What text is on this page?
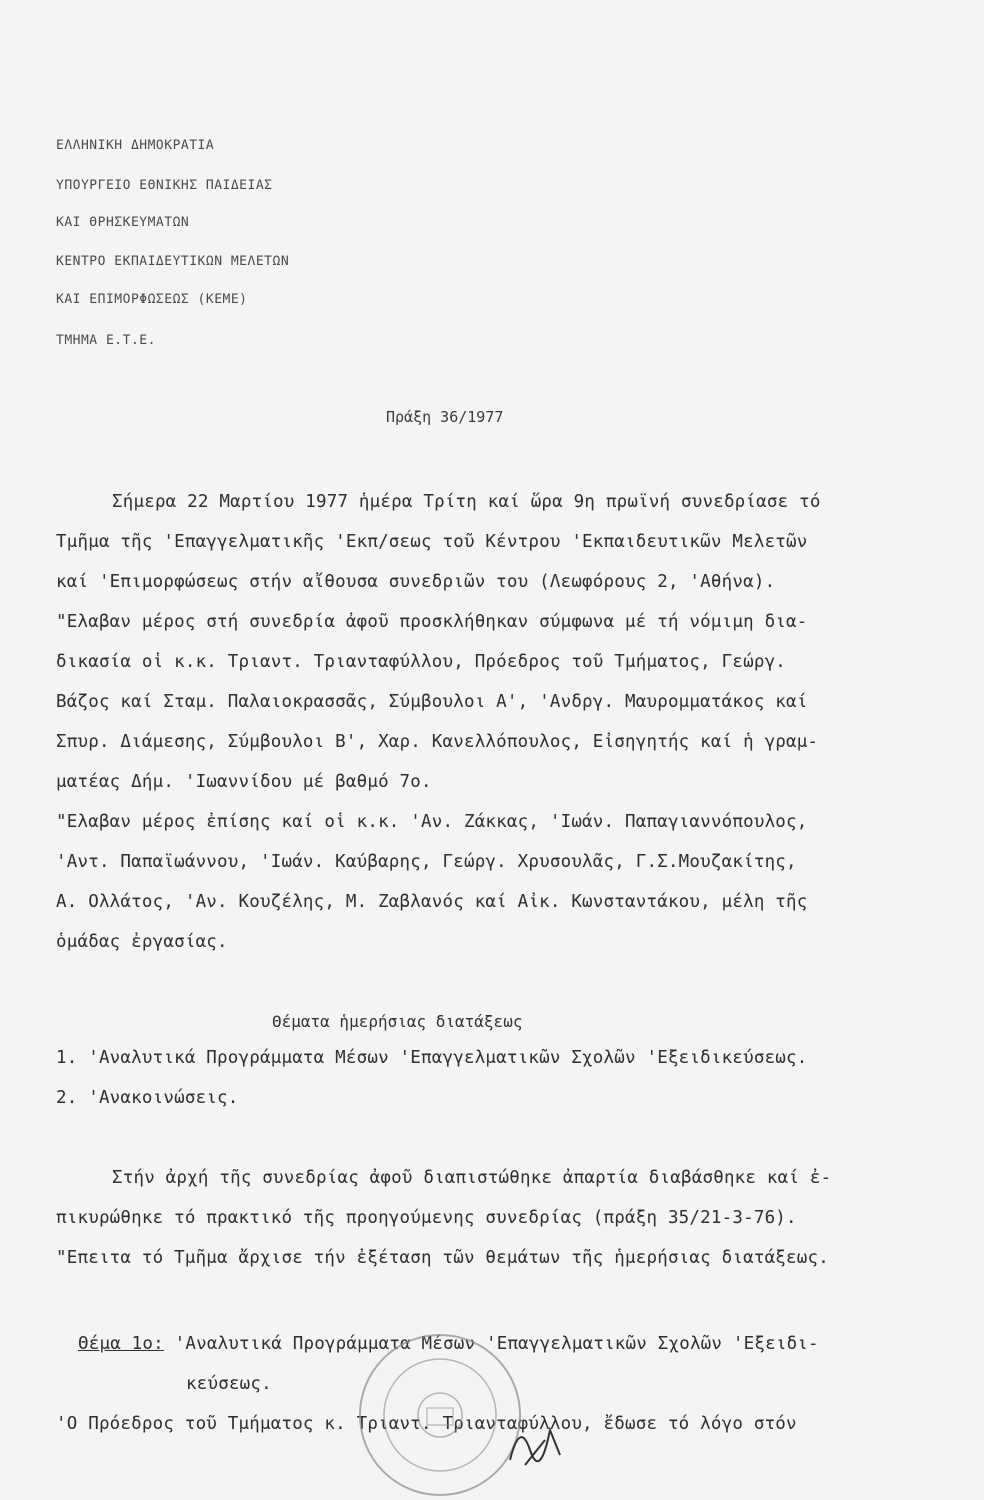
ΕΛΛΗΝΙΚΗ ΔΗΜΟΚΡΑΤΙΑ
ΥΠΟΥΡΓΕΙΟ ΕΘΝΙΚΗΣ ΠΑΙΔΕΙΑΣ
ΚΑΙ ΘΡΗΣΚΕΥΜΑΤΩΝ
ΚΕΝΤΡΟ ΕΚΠΑΙΔΕΥΤΙΚΩΝ ΜΕΛΕΤΩΝ
ΚΑΙ ΕΠΙΜΟΡΦΩΣΕΩΣ (ΚΕΜΕ)
ΤΜΗΜΑ Ε.Τ.Ε.
Πράξη 36/1977
Σήμερα 22 Μαρτίου 1977 ἡμέρα Τρίτη καί ὥρα 9η πρωϊνή συνεδρίασε τό
Τμῆμα τῆς 'Επαγγελματικῆς 'Εκπ/σεως τοῦ Κέντρου 'Εκπαιδευτικῶν Μελετῶν
καί 'Επιμορφώσεως στήν αἴθουσα συνεδριῶν του (Λεωφόρους 2, 'Αθήνα).
"Ελαβαν μέρος στή συνεδρία ἀφοῦ προσκλήθηκαν σύμφωνα μέ τή νόμιμη δια-
δικασία οἱ κ.κ. Τριαντ. Τριανταφύλλου, Πρόεδρος τοῦ Τμήματος, Γεώργ.
Βάζος καί Σταμ. Παλαιοκρασσᾶς, Σύμβουλοι Α', 'Ανδργ. Μαυρομματάκος καί
Σπυρ. Διάμεσης, Σύμβουλοι Β', Χαρ. Κανελλόπουλος, Εἰσηγητής καί ἡ γραμ-
ματέας Δήμ. 'Ιωαννίδου μέ βαθμό 7ο.
"Ελαβαν μέρος ἐπίσης καί οἱ κ.κ. 'Αν. Ζάκκας, 'Ιωάν. Παπαγιαννόπουλος,
'Αντ. Παπαϊωάννου, 'Ιωάν. Καύβαρης, Γεώργ. Χρυσουλᾶς, Γ.Σ.Μουζακίτης,
Α. Ολλάτος, 'Αν. Κουζέλης, Μ. Ζαβλανός καί Αἰκ. Κωνσταντάκου, μέλη τῆς
ὁμάδας ἐργασίας.
Θέματα ἡμερήσιας διατάξεως
1. 'Αναλυτικά Προγράμματα Μέσων 'Επαγγελματικῶν Σχολῶν 'Εξειδικεύσεως.
2. 'Ανακοινώσεις.
Στήν ἀρχή τῆς συνεδρίας ἀφοῦ διαπιστώθηκε ἀπαρτία διαβάσθηκε καί ἐ-
πικυρώθηκε τό πρακτικό τῆς προηγούμενης συνεδρίας (πράξη 35/21-3-76).
"Επειτα τό Τμῆμα ἄρχισε τήν ἐξέταση τῶν θεμάτων τῆς ἡμερήσιας διατάξεως.
Θέμα 1ο: 'Αναλυτικά Προγράμματα Μέσων 'Επαγγελματικῶν Σχολῶν 'Εξειδι-
κεύσεως.
'Ο Πρόεδρος τοῦ Τμήματος κ. Τριαντ. Τριανταφύλλου, ἔδωσε τό λόγο στόν
